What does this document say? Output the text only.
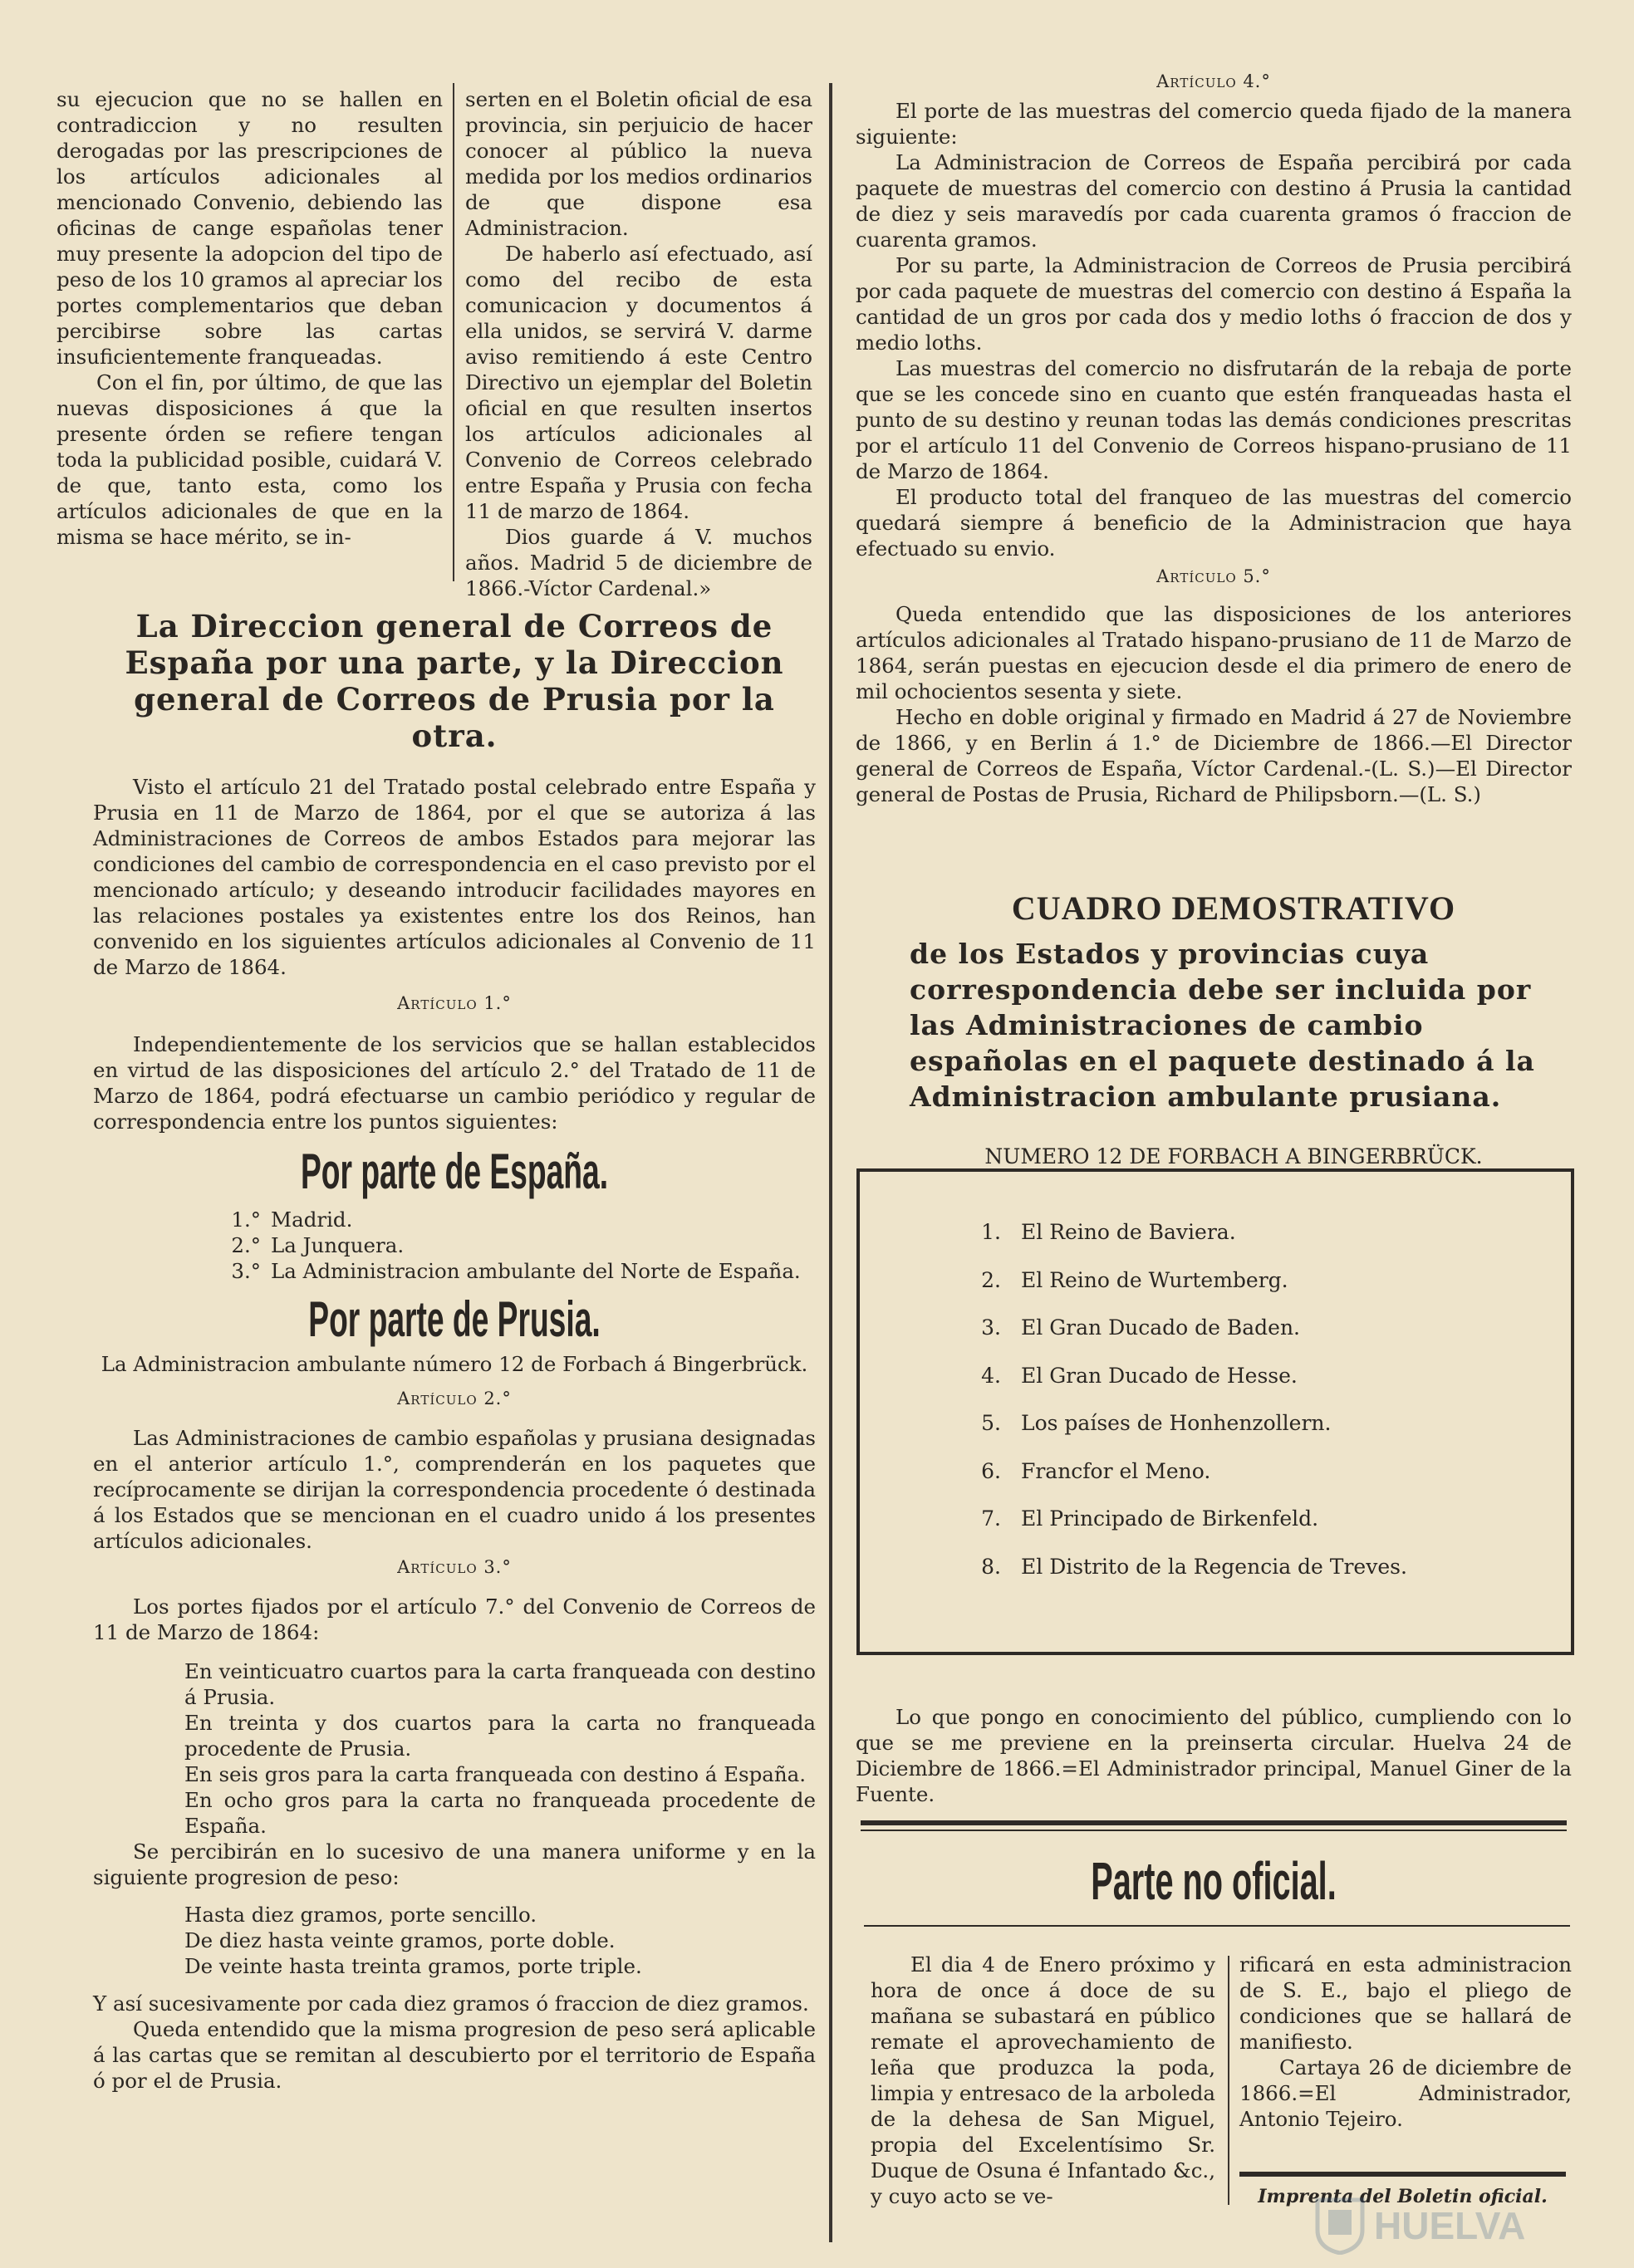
su ejecucion que no se hallen en contradiccion y no resulten derogadas por las prescripciones de los artículos adicionales al mencionado Convenio, debiendo las oficinas de cange españolas tener muy presente la adopcion del tipo de peso de los 10 gramos al apreciar los portes complementarios que deban percibirse sobre las cartas insuficientemente franqueadas.

Con el fin, por último, de que las nuevas disposiciones á que la presente órden se refiere tengan toda la publicidad posible, cuidará V. de que, tanto esta, como los artículos adicionales de que en la misma se hace mérito, se in-

serten en el Boletin oficial de esa provincia, sin perjuicio de hacer conocer al público la nueva medida por los medios ordinarios de que dispone esa Administracion.

De haberlo así efectuado, así como del recibo de esta comunicacion y documentos á ella unidos, se servirá V. darme aviso remitiendo á este Centro Directivo un ejemplar del Boletin oficial en que resulten insertos los artículos adicionales al Convenio de Correos celebrado entre España y Prusia con fecha 11 de marzo de 1864.

Dios guarde á V. muchos años. Madrid 5 de diciembre de 1866.-Víctor Cardenal.»

La Direccion general de Correos de España por una parte, y la Direccion general de Correos de Prusia por la otra.

Visto el artículo 21 del Tratado postal celebrado entre España y Prusia en 11 de Marzo de 1864, por el que se autoriza á las Administraciones de Correos de ambos Estados para mejorar las condiciones del cambio de correspondencia en el caso previsto por el mencionado artículo; y deseando introducir facilidades mayores en las relaciones postales ya existentes entre los dos Reinos, han convenido en los siguientes artículos adicionales al Convenio de 11 de Marzo de 1864.

Artículo 1.°

Independientemente de los servicios que se hallan establecidos en virtud de las disposiciones del artículo 2.° del Tratado de 11 de Marzo de 1864, podrá efectuarse un cambio periódico y regular de correspondencia entre los puntos siguientes:

Por parte de España.
1.° Madrid.
2.° La Junquera.
3.° La Administracion ambulante del Norte de España.
Por parte de Prusia.

La Administracion ambulante número 12 de Forbach á Bingerbrück.

Artículo 2.°

Las Administraciones de cambio españolas y prusiana designadas en el anterior artículo 1.°, comprenderán en los paquetes que recíprocamente se dirijan la correspondencia procedente ó destinada á los Estados que se mencionan en el cuadro unido á los presentes artículos adicionales.

Artículo 3.°

Los portes fijados por el artículo 7.° del Convenio de Correos de 11 de Marzo de 1864:

En veinticuatro cuartos para la carta franqueada con destino á Prusia.

En treinta y dos cuartos para la carta no franqueada procedente de Prusia.

En seis gros para la carta franqueada con destino á España.

En ocho gros para la carta no franqueada procedente de España.

Se percibirán en lo sucesivo de una manera uniforme y en la siguiente progresion de peso:

Hasta diez gramos, porte sencillo.

De diez hasta veinte gramos, porte doble.

De veinte hasta treinta gramos, porte triple.

Y así sucesivamente por cada diez gramos ó fraccion de diez gramos.

Queda entendido que la misma progresion de peso será aplicable á las cartas que se remitan al descubierto por el territorio de España ó por el de Prusia.

Artículo 4.°

El porte de las muestras del comercio queda fijado de la manera siguiente:

La Administracion de Correos de España percibirá por cada paquete de muestras del comercio con destino á Prusia la cantidad de diez y seis maravedís por cada cuarenta gramos ó fraccion de cuarenta gramos.

Por su parte, la Administracion de Correos de Prusia percibirá por cada paquete de muestras del comercio con destino á España la cantidad de un gros por cada dos y medio loths ó fraccion de dos y medio loths.

Las muestras del comercio no disfrutarán de la rebaja de porte que se les concede sino en cuanto que estén franqueadas hasta el punto de su destino y reunan todas las demás condiciones prescritas por el artículo 11 del Convenio de Correos hispano-prusiano de 11 de Marzo de 1864.

El producto total del franqueo de las muestras del comercio quedará siempre á beneficio de la Administracion que haya efectuado su envio.

Artículo 5.°

Queda entendido que las disposiciones de los anteriores artículos adicionales al Tratado hispano-prusiano de 11 de Marzo de 1864, serán puestas en ejecucion desde el dia primero de enero de mil ochocientos sesenta y siete.

Hecho en doble original y firmado en Madrid á 27 de Noviembre de 1866, y en Berlin á 1.° de Diciembre de 1866.—El Director general de Correos de España, Víctor Cardenal.-(L. S.)—El Director general de Postas de Prusia, Richard de Philipsborn.—(L. S.)

CUADRO DEMOSTRATIVO
de los Estados y provincias cuya correspondencia debe ser incluida por las Administraciones de cambio españolas en el paquete destinado á la Administracion ambulante prusiana.
NUMERO 12 DE FORBACH A BINGERBRÜCK.
1. El Reino de Baviera.
2. El Reino de Wurtemberg.
3. El Gran Ducado de Baden.
4. El Gran Ducado de Hesse.
5. Los países de Honhenzollern.
6. Francfor el Meno.
7. El Principado de Birkenfeld.
8. El Distrito de la Regencia de Treves.
Lo que pongo en conocimiento del público, cumpliendo con lo que se me previene en la preinserta circular. Huelva 24 de Diciembre de 1866.=El Administrador principal, Manuel Giner de la Fuente.
Parte no oficial.
El dia 4 de Enero próximo y hora de once á doce de su mañana se subastará en público remate el aprovechamiento de leña que produzca la poda, limpia y entresaco de la arboleda de la dehesa de San Miguel, propia del Excelentísimo Sr. Duque de Osuna é Infantado &c., y cuyo acto se ve-

rificará en esta administracion de S. E., bajo el pliego de condiciones que se hallará de manifiesto.

Cartaya 26 de diciembre de 1866.=El Administrador, Antonio Tejeiro.

Imprenta del Boletin oficial.
HUELVA
